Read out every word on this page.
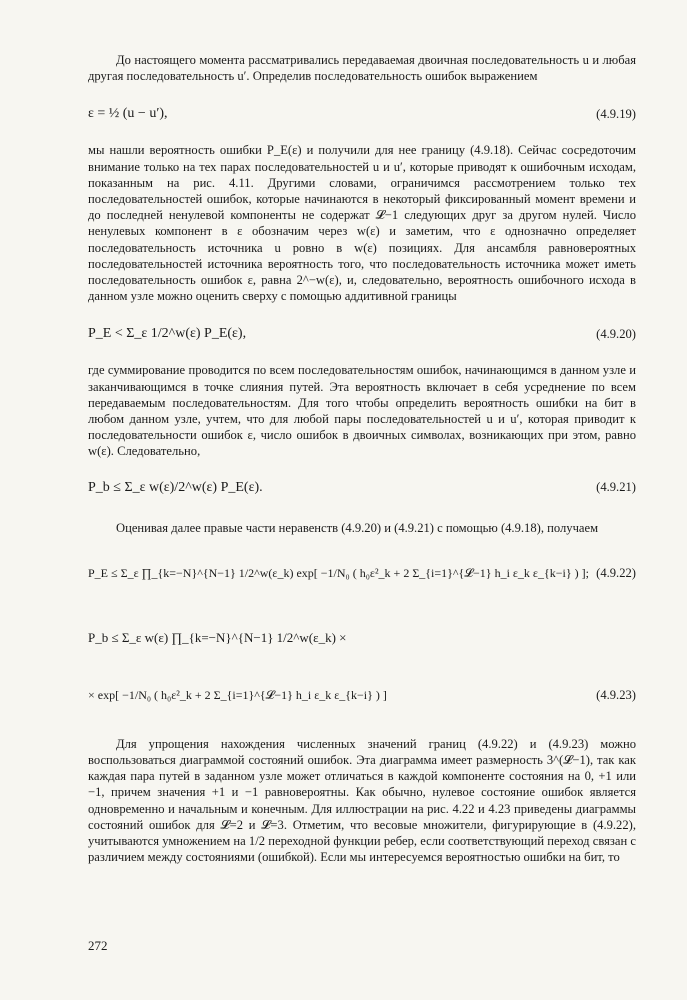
До настоящего момента рассматривались передаваемая двоичная последовательность u и любая другая последовательность u′. Определив последовательность ошибок выражением

ε = ½ (u − u′),	(4.9.19)

мы нашли вероятность ошибки P_E(ε) и получили для нее границу (4.9.18). Сейчас сосредоточим внимание только на тех парах последовательностей u и u′, которые приводят к ошибочным исходам, показанным на рис. 4.11. Другими словами, ограничимся рассмотрением только тех последовательностей ошибок, которые начинаются в некоторый фиксированный момент времени и до последней ненулевой компоненты не содержат 𝓛−1 следующих друг за другом нулей. Число ненулевых компонент в ε обозначим через w(ε) и заметим, что ε однозначно определяет последовательность источника u ровно в w(ε) позициях. Для ансамбля равновероятных последовательностей источника вероятность того, что последовательность источника может иметь последовательность ошибок ε, равна 2^−w(ε), и, следовательно, вероятность ошибочного исхода в данном узле можно оценить сверху с помощью аддитивной границы

P_E < Σ_ε 1/2^w(ε) P_E(ε),	(4.9.20)

где суммирование проводится по всем последовательностям ошибок, начинающимся в данном узле и заканчивающимся в точке слияния путей. Эта вероятность включает в себя усреднение по всем передаваемым последовательностям. Для того чтобы определить вероятность ошибки на бит в любом данном узле, учтем, что для любой пары последовательностей u и u′, которая приводит к последовательности ошибок ε, число ошибок в двоичных символах, возникающих при этом, равно w(ε). Следовательно,

P_b ≤ Σ_ε w(ε)/2^w(ε) P_E(ε).	(4.9.21)

Оценивая далее правые части неравенств (4.9.20) и (4.9.21) с помощью (4.9.18), получаем

P_E ≤ Σ_ε ∏_{k=−N}^{N−1} 1/2^w(ε_k) exp[ −1/N₀ ( h₀ε²_k + 2 Σ_{i=1}^{𝓛−1} h_i ε_k ε_{k−i} ) ]; (4.9.22)
P_b ≤ Σ_ε w(ε) ∏_{k=−N}^{N−1} 1/2^w(ε_k) ×
× exp[ −1/N₀ ( h₀ε²_k + 2 Σ_{i=1}^{𝓛−1} h_i ε_k ε_{k−i} ) ]	(4.9.23)

Для упрощения нахождения численных значений границ (4.9.22) и (4.9.23) можно воспользоваться диаграммой состояний ошибок. Эта диаграмма имеет размерность 3^(𝓛−1), так как каждая пара путей в заданном узле может отличаться в каждой компоненте состояния на 0, +1 или −1, причем значения +1 и −1 равновероятны. Как обычно, нулевое состояние ошибок является одновременно и начальным и конечным. Для иллюстрации на рис. 4.22 и 4.23 приведены диаграммы состояний ошибок для 𝓛=2 и 𝓛=3. Отметим, что весовые множители, фигурирующие в (4.9.22), учитываются умножением на 1/2 переходной функции ребер, если соответствующий переход связан с различием между состояниями (ошибкой). Если мы интересуемся вероятностью ошибки на бит, то

272
